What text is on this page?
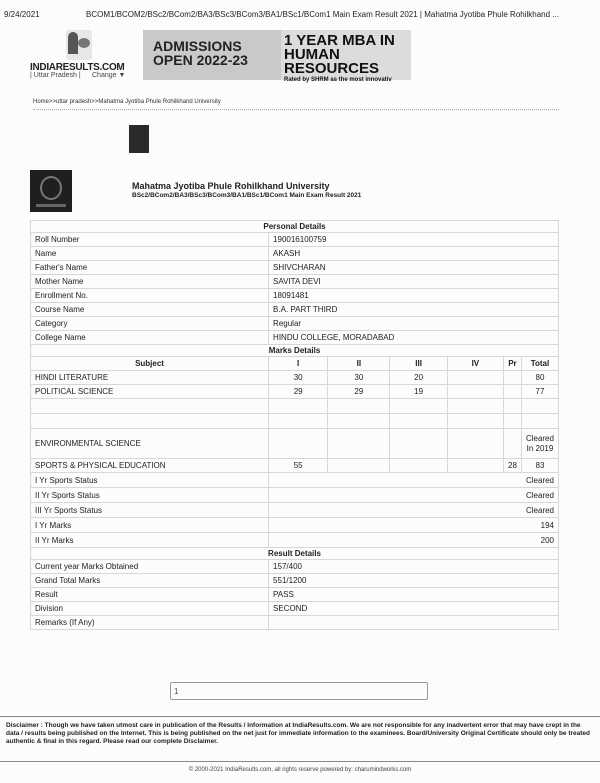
9/24/2021	BCOM1/BCOM2/BSc2/BCom2/BA3/BSc3/BCom3/BA1/BSc1/BCom1 Main Exam Result 2021 | Mahatma Jyotiba Phule Rohilkhand ...
INDIARESULTS.COM
| Uttar Pradesh | Change ▼
ADMISSIONS OPEN 2022-23
1 YEAR MBA IN HUMAN RESOURCES
Rated by SHRM as the most innovativ
Home>>uttar pradesh>>Mahatma Jyotiba Phule Rohilkhand University
Mahatma Jyotiba Phule Rohilkhand University
BSc2/BCom2/BA3/BSc3/BCom3/BA1/BSc1/BCom1 Main Exam Result 2021
Personal Details						
Roll Number	190016100759					
Name	AKASH					
Father's Name	SHIVCHARAN					
Mother Name	SAVITA DEVI					
Enrollment No.	18091481					
Course Name	B.A. PART THIRD					
Category	Regular					
College Name	HINDU COLLEGE, MORADABAD					
Marks Details						
Subject	I	II	III	IV	Pr	Total
HINDI LITERATURE	30	30	20			80
POLITICAL SCIENCE	29	29	19			77

ENVIRONMENTAL SCIENCE						Cleared In 2019
SPORTS & PHYSICAL EDUCATION	55				28	83
I Yr Sports Status	Cleared					
II Yr Sports Status	Cleared					
III Yr Sports Status	Cleared					
I Yr Marks	194					
II Yr Marks	200					
Result Details						
Current year Marks Obtained	157/400					
Grand Total Marks	551/1200					
Result	PASS					
Division	SECOND					
Remarks (If Any)						
1
Disclaimer : Though we have taken utmost care in publication of the Results / Information at IndiaResults.com. We are not responsible for any inadvertent error that may have crept in the data / results being published on the Internet. This is being published on the net just for immediate information to the examinees. Board/University Original Certificate should only be treated authentic & final in this regard. Please read our complete Disclaimer.
© 2000-2021 IndiaResults.com, all rights reserve powered by: charumindworks.com
